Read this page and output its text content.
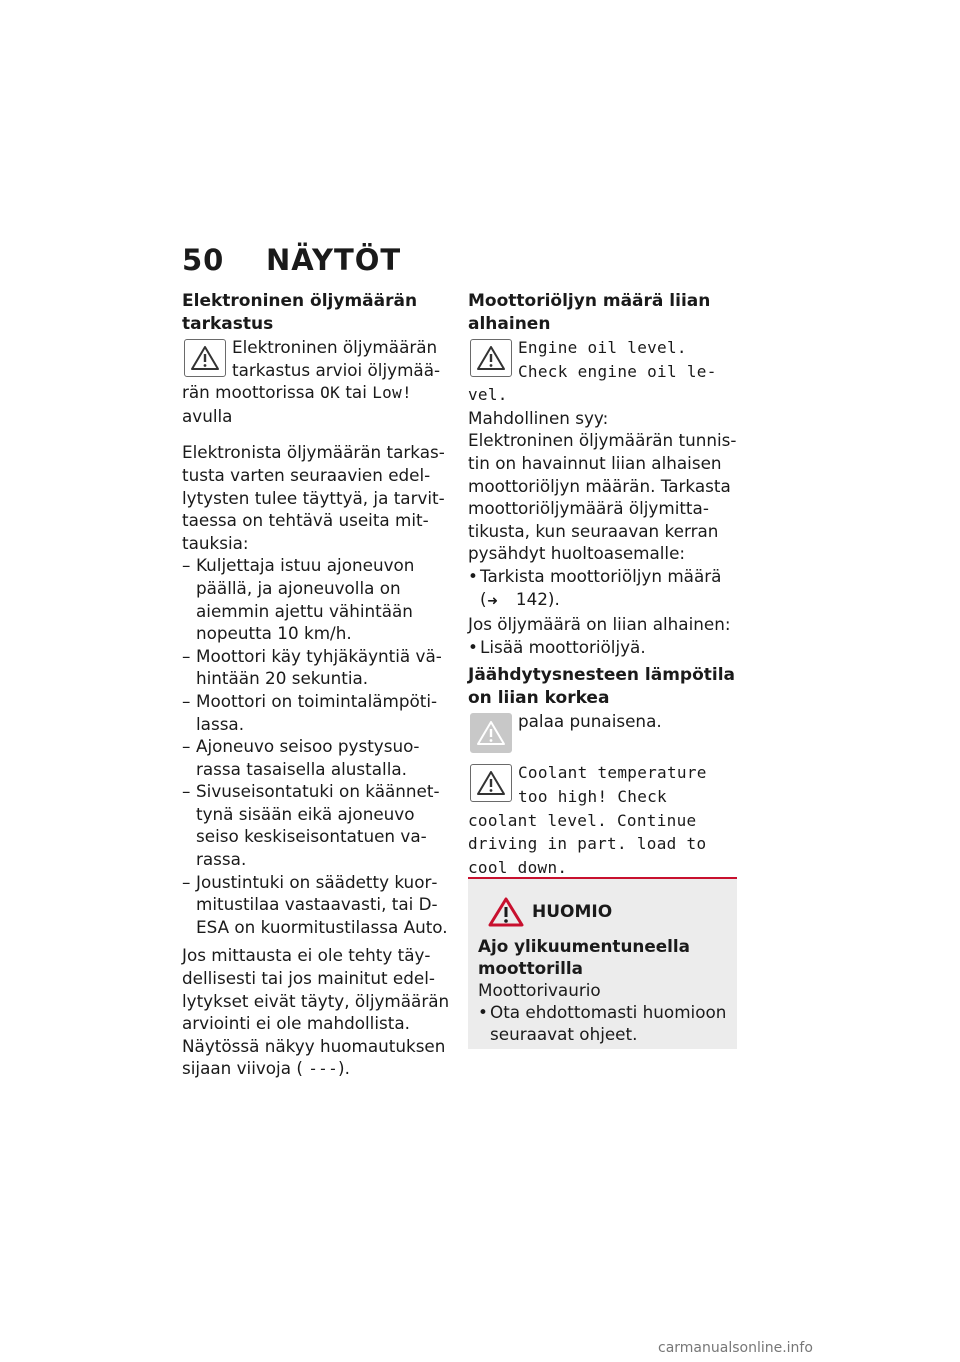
50	NÄYTÖT
Elektroninen öljymäärän tarkastus
Elektroninen öljymäärän tarkastus arvioi öljymää- rän moottorissa OK tai Low!
avulla

Elektronista öljymäärän tarkastusta varten seuraavien edellytysten tulee täyttyä, ja tarvittaessa on tehtävä useita mittauksia:

– Kuljettaja istuu ajoneuvon päällä, ja ajoneuvolla on aiemmin ajettu vähintään nopeutta 10 km/h.
– Moottori käy tyhjäkäyntiä vähintään 20 sekuntia.
– Moottori on toimintalämpötilassa.
– Ajoneuvo seisoo pystysuorassa tasaisella alustalla.
– Sivuseisontatuki on käännettynä sisään eikä ajoneuvo seiso keskiseisontatuen varassa.
– Joustintuki on säädetty kuormitustilaa vastaavasti, tai D-ESA on kuormitustilassa Auto.

Jos mittausta ei ole tehty täydellisesti tai jos mainitut edellytykset eivät täyty, öljymäärän arviointi ei ole mahdollista. Näytössä näkyy huomautuksen sijaan viivoja ( ---).

Moottoriöljyn määrä liian alhainen
Engine oil level. Check engine oil level.

Mahdollinen syy:

Elektroninen öljymäärän tunnistin on havainnut liian alhaisen moottoriöljyn määrän. Tarkasta moottoriöljymäärä öljymittatikusta, kun seuraavan kerran pysähdyt huoltoasemalle:

• Tarkista moottoriöljyn määrä
(➜ 142).

Jos öljymäärä on liian alhainen:

• Lisää moottoriöljyä.
Jäähdytysnesteen lämpötila on liian korkea
palaa punaisena.
Coolant temperature too high! Check coolant level. Continue driving in part. load to cool down.
HUOMIO
Ajo ylikuumentuneella moottorilla

Moottorivaurio

• Ota ehdottomasti huomioon seuraavat ohjeet.
carmanualsonline.info
